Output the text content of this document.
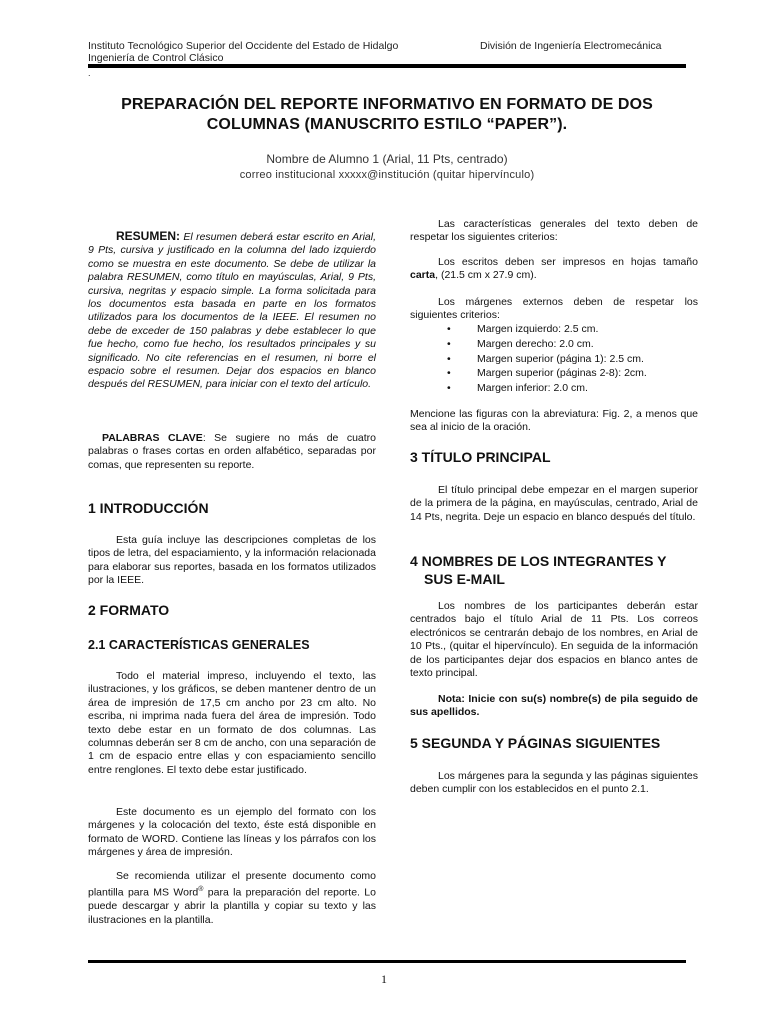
Instituto Tecnológico Superior del Occidente del Estado de Hidalgo	División de Ingeniería Electromecánica
Ingeniería de Control Clásico
.
PREPARACIÓN DEL REPORTE INFORMATIVO EN FORMATO DE DOS
COLUMNAS (MANUSCRITO ESTILO “PAPER”).
Nombre de Alumno 1 (Arial, 11 Pts, centrado)
correo institucional xxxxx@institución (quitar hipervínculo)
RESUMEN: El resumen deberá estar escrito en Arial, 9 Pts, cursiva y justificado en la columna del lado izquierdo como se muestra en este documento. Se debe de utilizar la palabra RESUMEN, como título en mayúsculas, Arial, 9 Pts, cursiva, negritas y espacio simple. La forma solicitada para los documentos esta basada en parte en los formatos utilizados para los documentos de la IEEE. El resumen no debe de exceder de 150 palabras y debe establecer lo que fue hecho, como fue hecho, los resultados principales y su significado. No cite referencias en el resumen, ni borre el espacio sobre el resumen. Dejar dos espacios en blanco después del RESUMEN, para iniciar con el texto del artículo.
PALABRAS CLAVE: Se sugiere no más de cuatro palabras o frases cortas en orden alfabético, separadas por comas, que representen su reporte.
1 INTRODUCCIÓN
Esta guía incluye las descripciones completas de los tipos de letra, del espaciamiento, y la información relacionada para elaborar sus reportes, basada en los formatos utilizados por la IEEE.
2 FORMATO
2.1 CARACTERÍSTICAS GENERALES
Todo el material impreso, incluyendo el texto, las ilustraciones, y los gráficos, se deben mantener dentro de un área de impresión de 17,5 cm ancho por 23 cm alto. No escriba, ni imprima nada fuera del área de impresión. Todo texto debe estar en un formato de dos columnas. Las columnas deberán ser 8 cm de ancho, con una separación de 1 cm de espacio entre ellas y con espaciamiento sencillo entre renglones. El texto debe estar justificado.
Este documento es un ejemplo del formato con los márgenes y la colocación del texto, éste está disponible en formato de WORD. Contiene las líneas y los párrafos con los márgenes y área de impresión.
Se recomienda utilizar el presente documento como plantilla para MS Word® para la preparación del reporte. Lo puede descargar y abrir la plantilla y copiar su texto y las ilustraciones en la plantilla.
Las características generales del texto deben de respetar los siguientes criterios:
Los escritos deben ser impresos en hojas tamaño carta, (21.5 cm x 27.9 cm).
Los márgenes externos deben de respetar los siguientes criterios:
•	Margen izquierdo: 2.5 cm.
•	Margen derecho: 2.0 cm.
•	Margen superior (página 1): 2.5 cm.
•	Margen superior (páginas 2-8): 2cm.
•	Margen inferior: 2.0 cm.
Mencione las figuras con la abreviatura: Fig. 2, a menos que sea al inicio de la oración.
3 TÍTULO PRINCIPAL
El título principal debe empezar en el margen superior de la primera de la página, en mayúsculas, centrado, Arial de 14 Pts, negrita. Deje un espacio en blanco después del título.
4 NOMBRES DE LOS INTEGRANTES Y
SUS E-MAIL
Los nombres de los participantes deberán estar centrados bajo el título Arial de 11 Pts. Los correos electrónicos se centrarán debajo de los nombres, en Arial de 10 Pts., (quitar el hipervínculo). En seguida de la información de los participantes dejar dos espacios en blanco antes de texto principal.
Nota: Inicie con su(s) nombre(s) de pila seguido de sus apellidos.
5 SEGUNDA Y PÁGINAS SIGUIENTES
Los márgenes para la segunda y las páginas siguientes deben cumplir con los establecidos en el punto 2.1.
1
